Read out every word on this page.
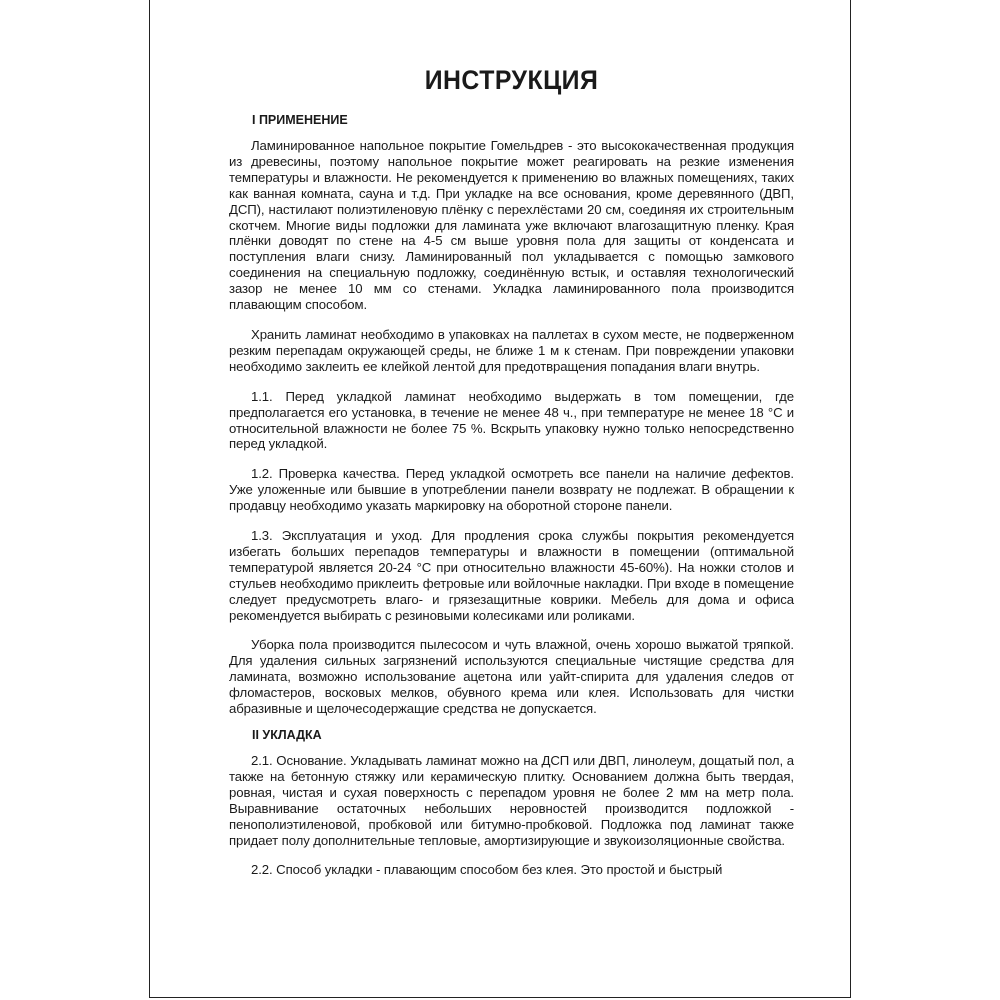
ИНСТРУКЦИЯ
I ПРИМЕНЕНИЕ

Ламинированное напольное покрытие Гомельдрев - это высококачественная продукция из древесины, поэтому напольное покрытие может реагировать на резкие изменения температуры и влажности. Не рекомендуется к применению во влажных помещениях, таких как ванная комната, сауна и т.д. При укладке на все основания, кроме деревянного (ДВП, ДСП), настилают полиэтиленовую плёнку с перехлёстами 20 см, соединяя их строительным скотчем. Многие виды подложки для ламината уже включают влагозащитную пленку. Края плёнки доводят по стене на 4-5 см выше уровня пола для защиты от конденсата и поступления влаги снизу. Ламинированный пол укладывается с помощью замкового соединения на специальную подложку, соединённую встык, и оставляя технологический зазор не менее 10 мм со стенами. Укладка ламинированного пола производится плавающим способом.

Хранить ламинат необходимо в упаковках на паллетах в сухом месте, не подверженном резким перепадам окружающей среды, не ближе 1 м к стенам. При повреждении упаковки необходимо заклеить ее клейкой лентой для предотвращения попадания влаги внутрь.

1.1. Перед укладкой ламинат необходимо выдержать в том помещении, где предполагается его установка, в течение не менее 48 ч., при температуре не менее 18 °С и относительной влажности не более 75 %. Вскрыть упаковку нужно только непосредственно перед укладкой.

1.2. Проверка качества. Перед укладкой осмотреть все панели на наличие дефектов. Уже уложенные или бывшие в употреблении панели возврату не подлежат. В обращении к продавцу необходимо указать маркировку на оборотной стороне панели.

1.3. Эксплуатация и уход. Для продления срока службы покрытия рекомендуется избегать больших перепадов температуры и влажности в помещении (оптимальной температурой является 20-24 °С при относительно влажности 45-60%). На ножки столов и стульев необходимо приклеить фетровые или войлочные накладки. При входе в помещение следует предусмотреть влаго- и грязезащитные коврики. Мебель для дома и офиса рекомендуется выбирать с резиновыми колесиками или роликами.

Уборка пола производится пылесосом и чуть влажной, очень хорошо выжатой тряпкой. Для удаления сильных загрязнений используются специальные чистящие средства для ламината, возможно использование ацетона или уайт-спирита для удаления следов от фломастеров, восковых мелков, обувного крема или клея. Использовать для чистки абразивные и щелочесодержащие средства не допускается.

II УКЛАДКА

2.1. Основание. Укладывать ламинат можно на ДСП или ДВП, линолеум, дощатый пол, а также на бетонную стяжку или керамическую плитку. Основанием должна быть твердая, ровная, чистая и сухая поверхность с перепадом уровня не более 2 мм на метр пола. Выравнивание остаточных небольших неровностей производится подложкой - пенополиэтиленовой, пробковой или битумно-пробковой. Подложка под ламинат также придает полу дополнительные тепловые, амортизирующие и звукоизоляционные свойства.

2.2. Способ укладки - плавающим способом без клея. Это простой и быстрый
